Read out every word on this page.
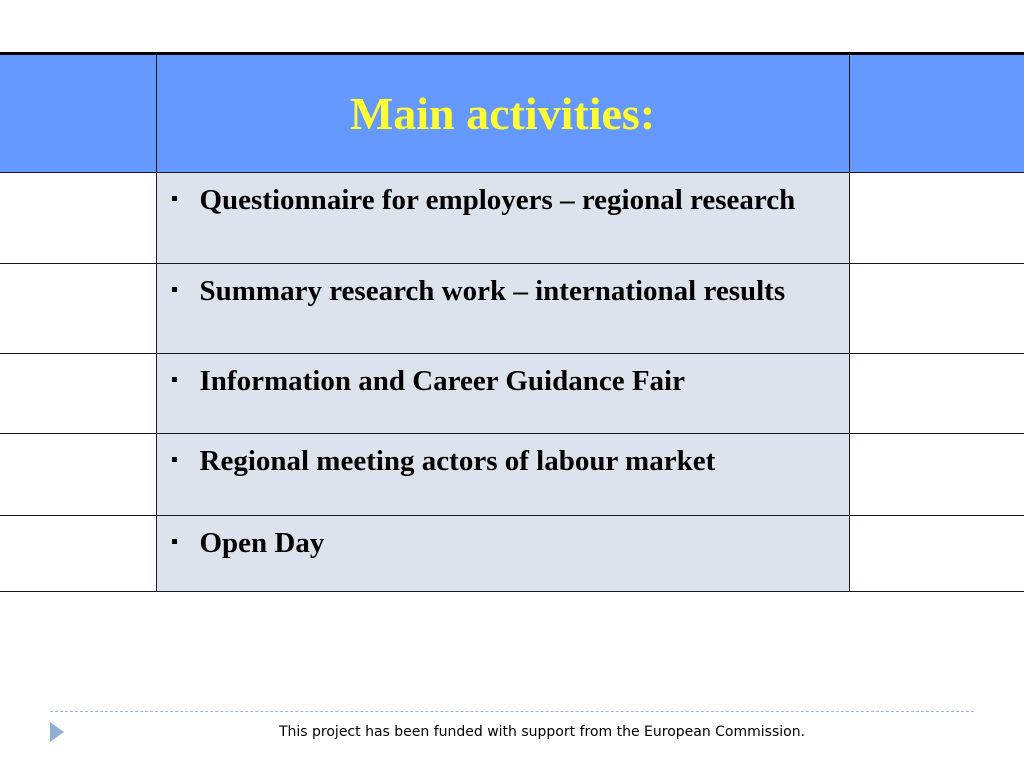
	Main activities:	

	Questionnaire for employers – regional research	

	Summary research work – international results	

	Information and Career Guidance Fair	

	Regional meeting actors of labour market	

	Open Day	

This project has been funded with support from the European Commission.
